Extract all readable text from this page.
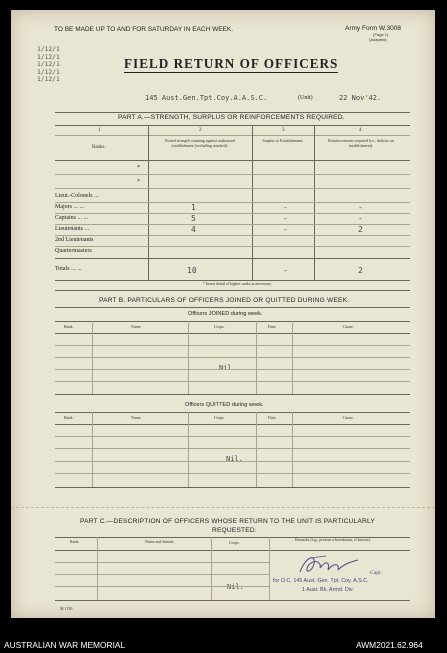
TO BE MADE UP TO AND FOR SATURDAY IN EACH WEEK.	Army Form W.3008
(Page 1)
(Adapted)
1/12/1
1/12/1
1/12/1
1/12/1
1/12/1
FIELD RETURN OF OFFICERS
145 Aust.Gen.Tpt.Coy.A.A.S.C.	(Unit)	22 Nov'42.
PART A.—STRENGTH, SURPLUS OR REINFORCEMENTS REQUIRED.
1	2	3	4
Ranks.
Posted strength counting against authorized establishment (excluding attached).
Surplus to Establishment.	Reinforcements required (i.e., deficits on establishment).
*
*
Lieut.-Colonels ...
Majors ... ...	1	-	-
Captains ... ...	5	-	-
Lieutenants ...	4	-	2
2nd Lieutenants
Quartermasters
Totals ... ...	10	-	2
* Insert detail of higher ranks as necessary.
PART B. PARTICULARS OF OFFICERS JOINED OR QUITTED DURING WEEK.
Officers JOINED during week.
Rank.	Name.	Corps.	Date.	Cause.
Nil.
Officers QUITTED during week.
Rank.	Name.	Corps.	Date.	Cause.
Nil.
PART C.—DESCRIPTION OF OFFICERS WHOSE RETURN TO THE UNIT IS PARTICULARLY
REQUESTED.
Rank.	Name and Initials.	Corps.
Remarks (e.g., present whereabouts, if known).
Nil.
Capt.
for O.C. 145 Aust. Gen. Tpt. Coy. A.S.C.
1 Aust. Bk. Armd. Div.
M 1150
AUSTRALIAN WAR MEMORIAL	AWM2021.62.964
